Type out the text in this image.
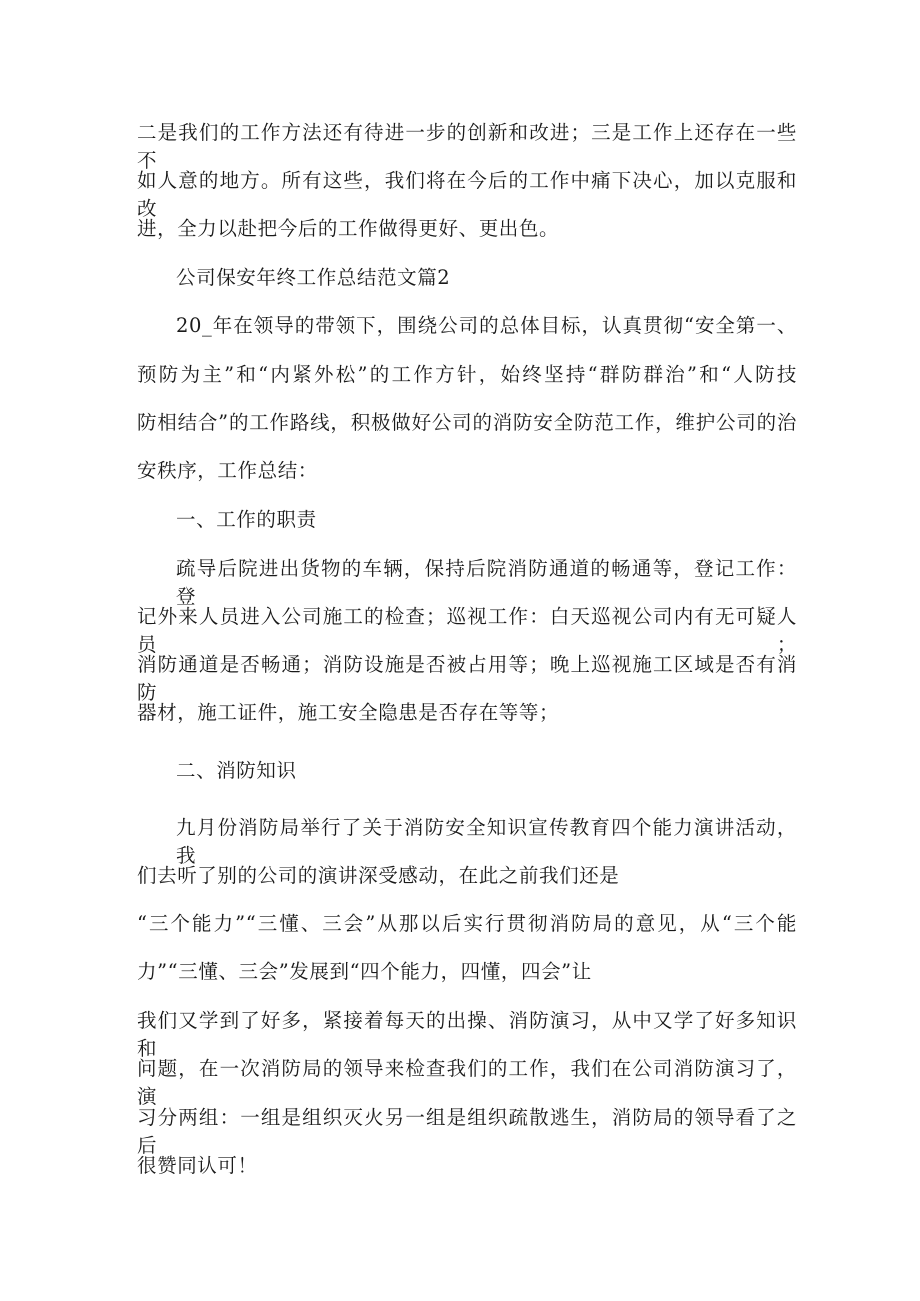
二是我们的工作方法还有待进一步的创新和改进；三是工作上还存在一些不
如人意的地方。所有这些，我们将在今后的工作中痛下决心，加以克服和改
进，全力以赴把今后的工作做得更好、更出色。
公司保安年终工作总结范文篇2
20_年在领导的带领下，围绕公司的总体目标，认真贯彻“安全第一、
预防为主”和“内紧外松”的工作方针，始终坚持“群防群治”和“人防技
防相结合”的工作路线，积极做好公司的消防安全防范工作，维护公司的治
安秩序，工作总结：
一、工作的职责
疏导后院进出货物的车辆，保持后院消防通道的畅通等，登记工作：登
记外来人员进入公司施工的检查；巡视工作：白天巡视公司内有无可疑人员；
消防通道是否畅通；消防设施是否被占用等；晚上巡视施工区域是否有消防
器材，施工证件，施工安全隐患是否存在等等；
二、消防知识
九月份消防局举行了关于消防安全知识宣传教育四个能力演讲活动，我
们去听了别的公司的演讲深受感动，在此之前我们还是
“三个能力”“三懂、三会”从那以后实行贯彻消防局的意见，从“三个能
力”“三懂、三会”发展到“四个能力，四懂，四会”让
我们又学到了好多，紧接着每天的出操、消防演习，从中又学了好多知识和
问题，在一次消防局的领导来检查我们的工作，我们在公司消防演习了，演
习分两组：一组是组织灭火另一组是组织疏散逃生，消防局的领导看了之后
很赞同认可！
